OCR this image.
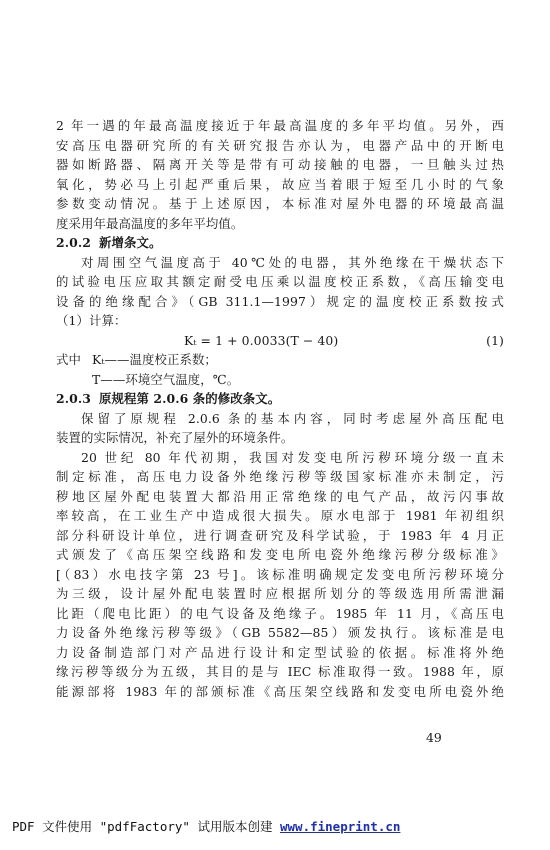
2 年一遇的年最高温度接近于年最高温度的多年平均值。另外，西
安高压电器研究所的有关研究报告亦认为，电器产品中的开断电
器如断路器、隔离开关等是带有可动接触的电器，一旦触头过热
氧化，势必马上引起严重后果，故应当着眼于短至几小时的气象
参数变动情况。基于上述原因，本标准对屋外电器的环境最高温
度采用年最高温度的多年平均值。
2.0.2 新增条文。
对周围空气温度高于 40℃处的电器，其外绝缘在干燥状态下
的试验电压应取其额定耐受电压乘以温度校正系数，《高压输变电
设备的绝缘配合》（GB 311.1—1997）规定的温度校正系数按式
（1）计算：
Kₜ = 1 + 0.0033(T − 40)	(1)
式中 Kₜ——温度校正系数；
T——环境空气温度，℃。
2.0.3 原规程第 2.0.6 条的修改条文。
保留了原规程 2.0.6 条的基本内容，同时考虑屋外高压配电
装置的实际情况，补充了屋外的环境条件。
20 世纪 80 年代初期，我国对发变电所污秽环境分级一直未
制定标准，高压电力设备外绝缘污秽等级国家标准亦未制定，污
秽地区屋外配电装置大都沿用正常绝缘的电气产品，故污闪事故
率较高，在工业生产中造成很大损失。原水电部于 1981 年初组织
部分科研设计单位，进行调查研究及科学试验，于 1983 年 4 月正
式颁发了《高压架空线路和发变电所电瓷外绝缘污秽分级标准》
[（83）水电技字第 23 号]。该标准明确规定发变电所污秽环境分
为三级，设计屋外配电装置时应根据所划分的等级选用所需泄漏
比距（爬电比距）的电气设备及绝缘子。1985 年 11 月，《高压电
力设备外绝缘污秽等级》（GB 5582—85）颁发执行。该标准是电
力设备制造部门对产品进行设计和定型试验的依据。标准将外绝
缘污秽等级分为五级，其目的是与 IEC 标准取得一致。1988 年，原
能源部将 1983 年的部颁标准《高压架空线路和发变电所电瓷外绝
49
PDF 文件使用 "pdfFactory" 试用版本创建 www.fineprint.cn
